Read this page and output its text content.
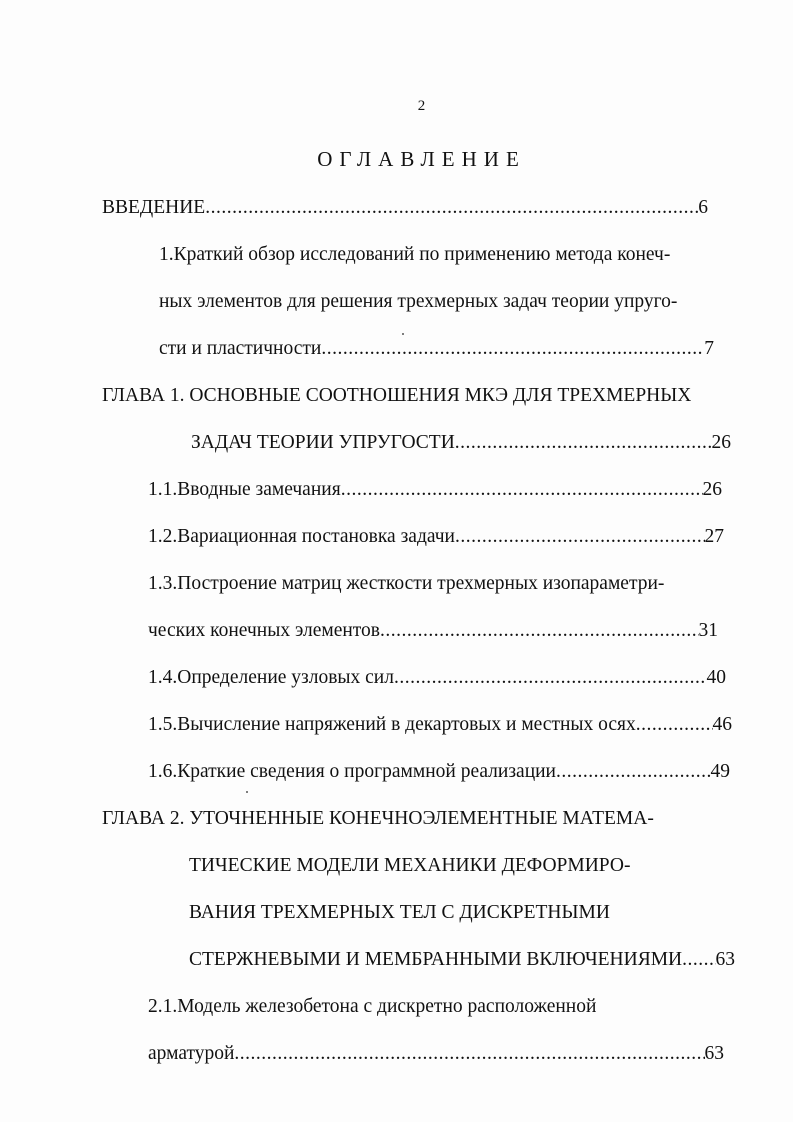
2
ОГЛАВЛЕНИЕ
ВВЕДЕНИЕ .....	6
1.Краткий обзор исследований по применению метода конеч-
ных элементов для решения трехмерных задач теории упруго-
сти и пластичности .....	7
ГЛАВА 1. ОСНОВНЫЕ СООТНОШЕНИЯ МКЭ ДЛЯ ТРЕХМЕРНЫХ
ЗАДАЧ ТЕОРИИ УПРУГОСТИ .....	26
1.1.Вводные замечания .....	26
1.2.Вариационная постановка задачи .....	27
1.3.Построение матриц жесткости трехмерных изопараметри-
ческих конечных элементов .....	31
1.4.Определение узловых сил .....	40
1.5.Вычисление напряжений в декартовых и местных осях .....	46
1.6.Краткие сведения о программной реализации .....	49
ГЛАВА 2. УТОЧНЕННЫЕ КОНЕЧНОЭЛЕМЕНТНЫЕ МАТЕМА-
ТИЧЕСКИЕ МОДЕЛИ МЕХАНИКИ ДЕФОРМИРО-
ВАНИЯ ТРЕХМЕРНЫХ ТЕЛ С ДИСКРЕТНЫМИ
СТЕРЖНЕВЫМИ И МЕМБРАННЫМИ ВКЛЮЧЕНИЯМИ ..... 63
2.1.Модель железобетона с дискретно расположенной
арматурой .....	63
